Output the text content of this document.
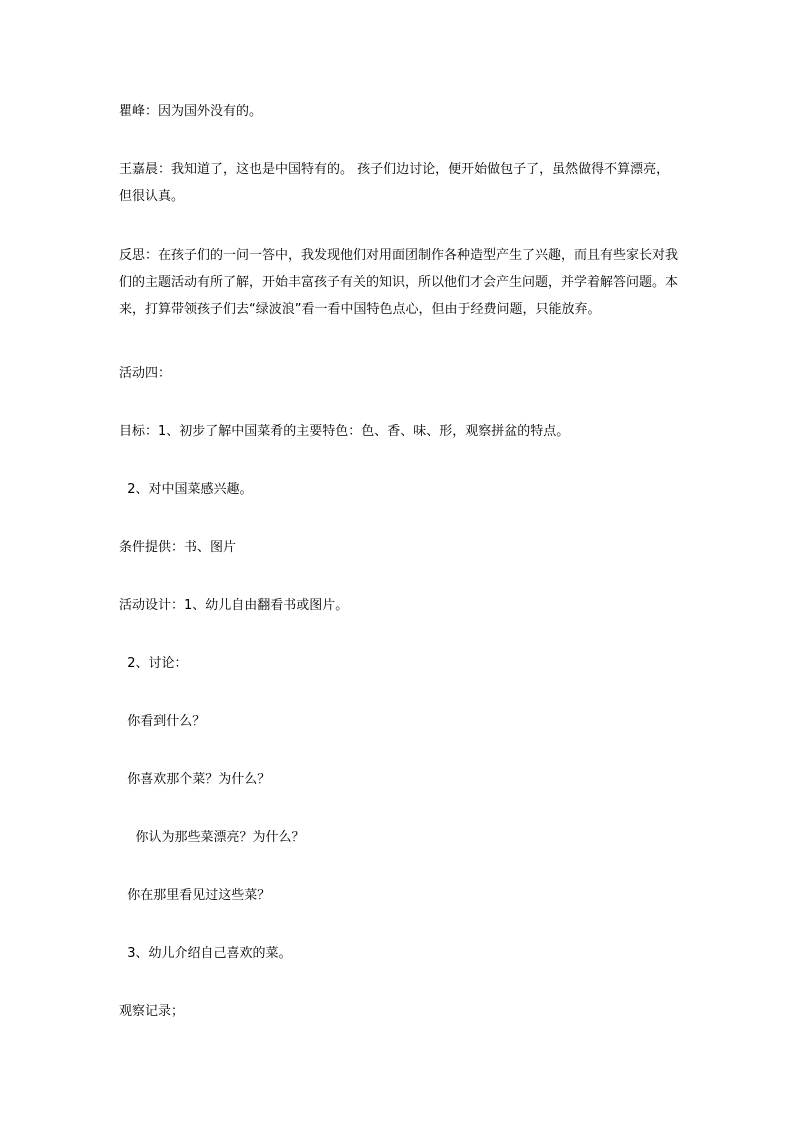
瞿峰：因为国外没有的。
王嘉晨：我知道了，这也是中国特有的。 孩子们边讨论，便开始做包子了，虽然做得不算漂亮，但很认真。
反思：在孩子们的一问一答中，我发现他们对用面团制作各种造型产生了兴趣，而且有些家长对我们的主题活动有所了解，开始丰富孩子有关的知识，所以他们才会产生问题，并学着解答问题。本来，打算带领孩子们去“绿波浪”看一看中国特色点心，但由于经费问题，只能放弃。
活动四：
目标：1、初步了解中国菜肴的主要特色：色、香、味、形，观察拼盆的特点。
2、对中国菜感兴趣。
条件提供：书、图片
活动设计：1、幼儿自由翻看书或图片。
2、讨论：
你看到什么？
你喜欢那个菜？为什么？
你认为那些菜漂亮？为什么？
你在那里看见过这些菜？
3、幼儿介绍自己喜欢的菜。
观察记录；
